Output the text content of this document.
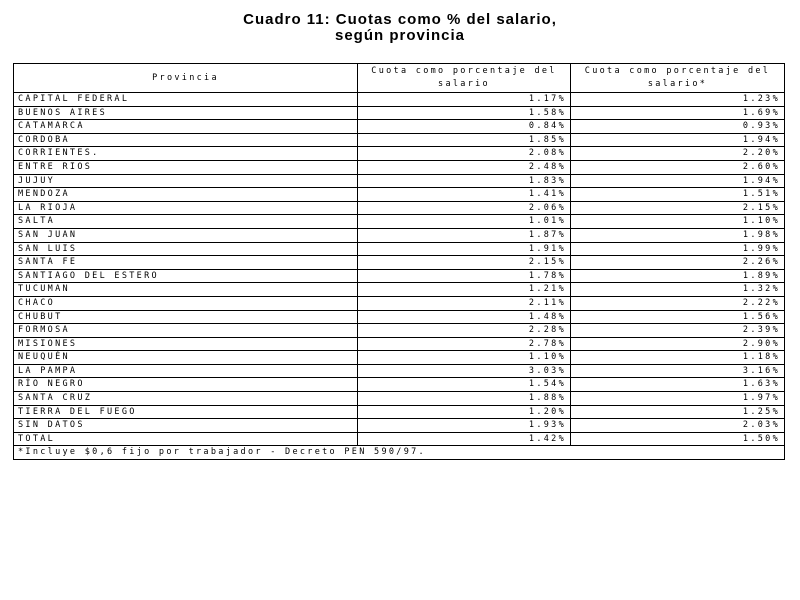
Cuadro 11: Cuotas como % del salario,
según provincia
Provincia	Cuota como porcentaje del salario	Cuota como porcentaje del salario*
CAPITAL FEDERAL	1.17%	1.23%
BUENOS AIRES	1.58%	1.69%
CATAMARCA	0.84%	0.93%
CORDOBA	1.85%	1.94%
CORRIENTES.	2.08%	2.20%
ENTRE RIOS	2.48%	2.60%
JUJUY	1.83%	1.94%
MENDOZA	1.41%	1.51%
LA RIOJA	2.06%	2.15%
SALTA	1.01%	1.10%
SAN JUAN	1.87%	1.98%
SAN LUIS	1.91%	1.99%
SANTA FE	2.15%	2.26%
SANTIAGO DEL ESTERO	1.78%	1.89%
TUCUMAN	1.21%	1.32%
CHACO	2.11%	2.22%
CHUBUT	1.48%	1.56%
FORMOSA	2.28%	2.39%
MISIONES	2.78%	2.90%
NEUQUÉN	1.10%	1.18%
LA PAMPA	3.03%	3.16%
RÍO NEGRO	1.54%	1.63%
SANTA CRUZ	1.88%	1.97%
TIERRA DEL FUEGO	1.20%	1.25%
SIN DATOS	1.93%	2.03%
TOTAL	1.42%	1.50%
*Incluye $0,6 fijo por trabajador - Decreto PEN 590/97.		
